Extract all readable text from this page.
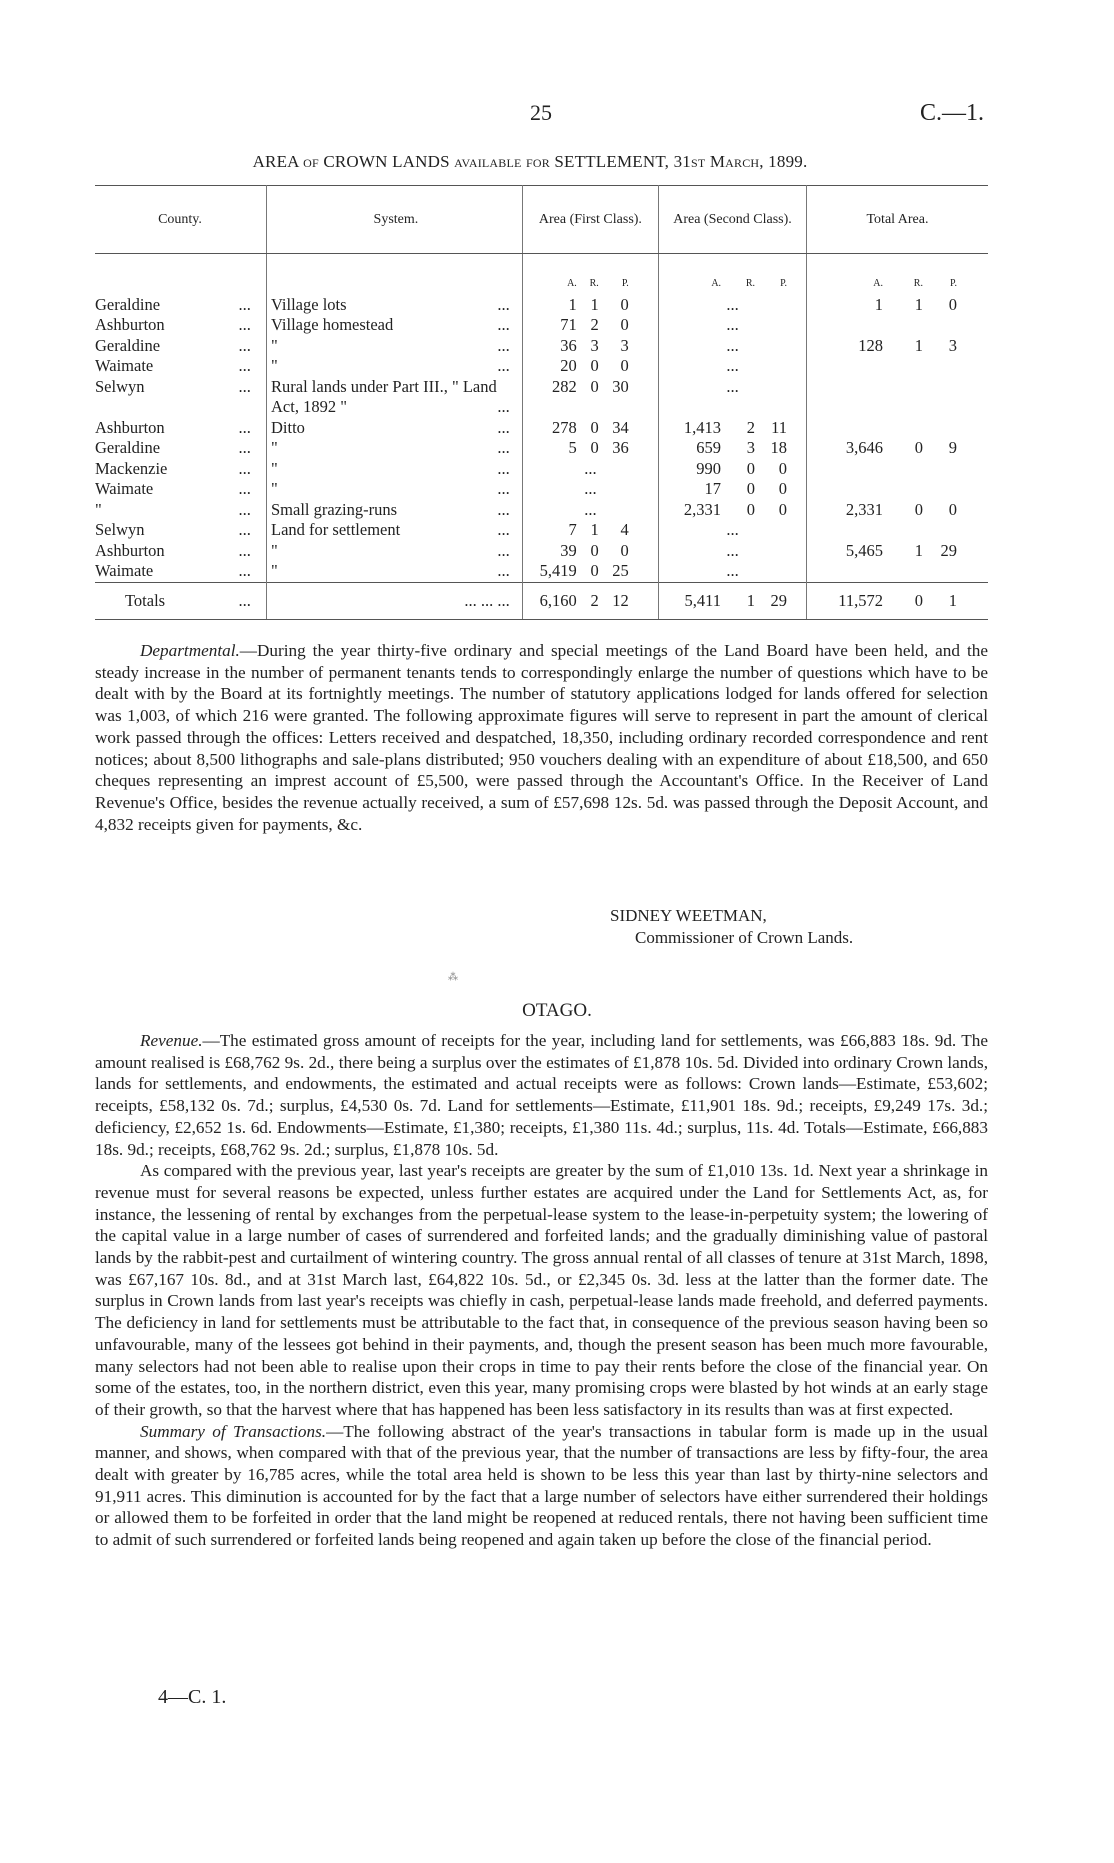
25	C.—1.
AREA of CROWN LANDS available for SETTLEMENT, 31st March, 1899.
County.		System.	Area (First Class).	Area (Second Class).	Total Area.
			A. R. P.	A. R. P.	A. R. P.
Geraldine	...	Village lots ...	1 1 0	...	1 1 0
Ashburton	...	Village homestead ...	71 2 0	...	
Geraldine	...	" ...	36 3 3	...	128 1 3
Waimate	...	" ...	20 0 0	...	
Selwyn	...	Rural lands under Part III., " Land Act, 1892 " ...	282 0 30	...	
Ashburton	...	Ditto ...	278 0 34	1,413 2 11	
Geraldine	...	" ...	5 0 36	659 3 18	3,646 0 9
Mackenzie	...	" ...	...	990 0 0	
Waimate	...	" ...	...	17 0 0	
"	...	Small grazing-runs ...	...	2,331 0 0	2,331 0 0
Selwyn	...	Land for settlement ...	7 1 4	...	
Ashburton	...	" ...	39 0 0	...	5,465 1 29
Waimate	...	" ...	5,419 0 25	...	
Totals	...	... ... ...	6,160 2 12	5,411 1 29	11,572 0 1

Departmental.—During the year thirty-five ordinary and special meetings of the Land Board have been held, and the steady increase in the number of permanent tenants tends to correspondingly enlarge the number of questions which have to be dealt with by the Board at its fortnightly meetings. The number of statutory applications lodged for lands offered for selection was 1,003, of which 216 were granted. The following approximate figures will serve to represent in part the amount of clerical work passed through the offices: Letters received and despatched, 18,350, including ordinary recorded correspondence and rent notices; about 8,500 lithographs and sale-plans distributed; 950 vouchers dealing with an expenditure of about £18,500, and 650 cheques representing an imprest account of £5,500, were passed through the Accountant's Office. In the Receiver of Land Revenue's Office, besides the revenue actually received, a sum of £57,698 12s. 5d. was passed through the Deposit Account, and 4,832 receipts given for payments, &c.

SIDNEY WEETMAN,
Commissioner of Crown Lands.
⁂
OTAGO.

Revenue.—The estimated gross amount of receipts for the year, including land for settlements, was £66,883 18s. 9d. The amount realised is £68,762 9s. 2d., there being a surplus over the estimates of £1,878 10s. 5d. Divided into ordinary Crown lands, lands for settlements, and endowments, the estimated and actual receipts were as follows: Crown lands—Estimate, £53,602; receipts, £58,132 0s. 7d.; surplus, £4,530 0s. 7d. Land for settlements—Estimate, £11,901 18s. 9d.; receipts, £9,249 17s. 3d.; deficiency, £2,652 1s. 6d. Endowments—Estimate, £1,380; receipts, £1,380 11s. 4d.; surplus, 11s. 4d. Totals—Estimate, £66,883 18s. 9d.; receipts, £68,762 9s. 2d.; surplus, £1,878 10s. 5d.

As compared with the previous year, last year's receipts are greater by the sum of £1,010 13s. 1d. Next year a shrinkage in revenue must for several reasons be expected, unless further estates are acquired under the Land for Settlements Act, as, for instance, the lessening of rental by exchanges from the perpetual-lease system to the lease-in-perpetuity system; the lowering of the capital value in a large number of cases of surrendered and forfeited lands; and the gradually diminishing value of pastoral lands by the rabbit-pest and curtailment of wintering country. The gross annual rental of all classes of tenure at 31st March, 1898, was £67,167 10s. 8d., and at 31st March last, £64,822 10s. 5d., or £2,345 0s. 3d. less at the latter than the former date. The surplus in Crown lands from last year's receipts was chiefly in cash, perpetual-lease lands made freehold, and deferred payments. The deficiency in land for settlements must be attributable to the fact that, in consequence of the previous season having been so unfavourable, many of the lessees got behind in their payments, and, though the present season has been much more favourable, many selectors had not been able to realise upon their crops in time to pay their rents before the close of the financial year. On some of the estates, too, in the northern district, even this year, many promising crops were blasted by hot winds at an early stage of their growth, so that the harvest where that has happened has been less satisfactory in its results than was at first expected.

Summary of Transactions.—The following abstract of the year's transactions in tabular form is made up in the usual manner, and shows, when compared with that of the previous year, that the number of transactions are less by fifty-four, the area dealt with greater by 16,785 acres, while the total area held is shown to be less this year than last by thirty-nine selectors and 91,911 acres. This diminution is accounted for by the fact that a large number of selectors have either surrendered their holdings or allowed them to be forfeited in order that the land might be reopened at reduced rentals, there not having been sufficient time to admit of such surrendered or forfeited lands being reopened and again taken up before the close of the financial period.

4—C. 1.
